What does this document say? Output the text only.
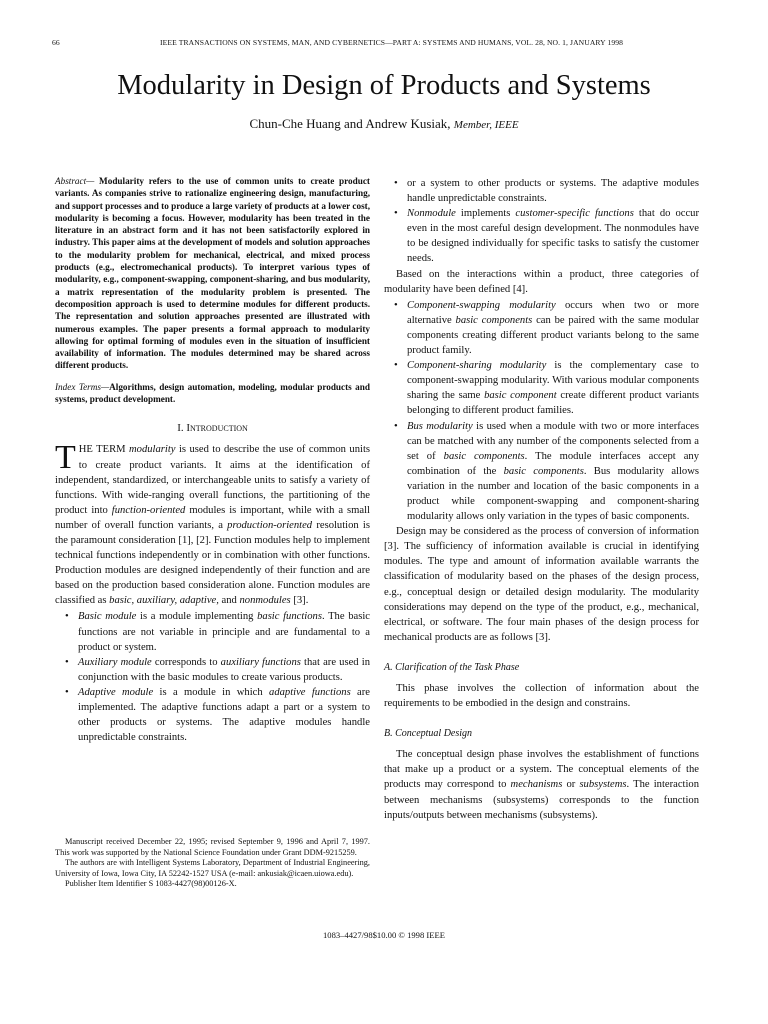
66	IEEE TRANSACTIONS ON SYSTEMS, MAN, AND CYBERNETICS—PART A: SYSTEMS AND HUMANS, VOL. 28, NO. 1, JANUARY 1998
Modularity in Design of Products and Systems
Chun-Che Huang and Andrew Kusiak, Member, IEEE

Abstract— Modularity refers to the use of common units to create product variants. As companies strive to rationalize engineering design, manufacturing, and support processes and to produce a large variety of products at a lower cost, modularity is becoming a focus. However, modularity has been treated in the literature in an abstract form and it has not been satisfactorily explored in industry. This paper aims at the development of models and solution approaches to the modularity problem for mechanical, electrical, and mixed process products (e.g., electromechanical products). To interpret various types of modularity, e.g., component-swapping, component-sharing, and bus modularity, a matrix representation of the modularity problem is presented. The decomposition approach is used to determine modules for different products. The representation and solution approaches presented are illustrated with numerous examples. The paper presents a formal approach to modularity allowing for optimal forming of modules even in the situation of insufficient availability of information. The modules determined may be shared across different products.

Index Terms—Algorithms, design automation, modeling, modular products and systems, product development.

I. Introduction

THE TERM modularity is used to describe the use of common units to create product variants. It aims at the identification of independent, standardized, or interchangeable units to satisfy a variety of functions. With wide-ranging overall functions, the partitioning of the product into function-oriented modules is important, while with a small number of overall function variants, a production-oriented resolution is the paramount consideration [1], [2]. Function modules help to implement technical functions independently or in combination with other functions. Production modules are designed independently of their function and are based on the production based consideration alone. Function modules are classified as basic, auxiliary, adaptive, and nonmodules [3].

• Basic module is a module implementing basic functions. The basic functions are not variable in principle and are fundamental to a product or system.
• Auxiliary module corresponds to auxiliary functions that are used in conjunction with the basic modules to create various products.
• Adaptive module is a module in which adaptive functions are implemented. The adaptive functions adapt a part or a system to other products or systems. The adaptive modules handle unpredictable constraints.

Manuscript received December 22, 1995; revised September 9, 1996 and April 7, 1997. This work was supported by the National Science Foundation under Grant DDM-9215259.

The authors are with Intelligent Systems Laboratory, Department of Industrial Engineering, University of Iowa, Iowa City, IA 52242-1527 USA (e-mail: ankusiak@icaen.uiowa.edu).

Publisher Item Identifier S 1083-4427(98)00126-X.

• or a system to other products or systems. The adaptive modules handle unpredictable constraints.
• Nonmodule implements customer-specific functions that do occur even in the most careful design development. The nonmodules have to be designed individually for specific tasks to satisfy the customer needs.

Based on the interactions within a product, three categories of modularity have been defined [4].

• Component-swapping modularity occurs when two or more alternative basic components can be paired with the same modular components creating different product variants belong to the same product family.
• Component-sharing modularity is the complementary case to component-swapping modularity. With various modular components sharing the same basic component create different product variants belonging to different product families.
• Bus modularity is used when a module with two or more interfaces can be matched with any number of the components selected from a set of basic components. The module interfaces accept any combination of the basic components. Bus modularity allows variation in the number and location of the basic components in a product while component-swapping and component-sharing modularity allows only variation in the types of basic components.

Design may be considered as the process of conversion of information [3]. The sufficiency of information available is crucial in identifying modules. The type and amount of information available warrants the classification of modularity based on the phases of the design process, e.g., conceptual design or detailed design modularity. The modularity considerations may depend on the type of the product, e.g., mechanical, electrical, or software. The four main phases of the design process for mechanical products are as follows [3].

A. Clarification of the Task Phase

This phase involves the collection of information about the requirements to be embodied in the design and constrains.

B. Conceptual Design

The conceptual design phase involves the establishment of functions that make up a product or a system. The conceptual elements of the products may correspond to mechanisms or subsystems. The interaction between mechanisms (subsystems) corresponds to the function inputs/outputs between mechanisms (subsystems).

1083–4427/98$10.00 © 1998 IEEE
